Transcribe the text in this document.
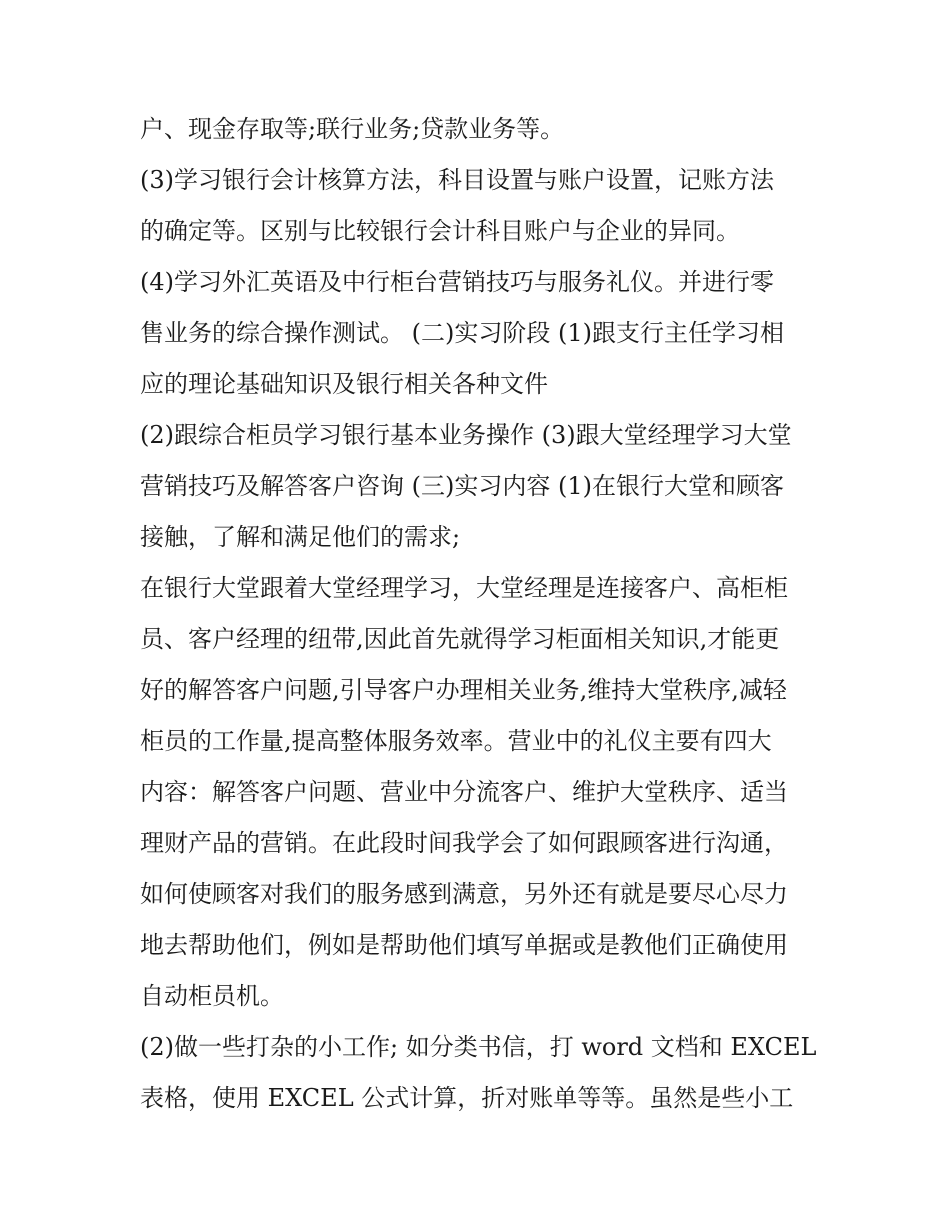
户、现金存取等;联行业务;贷款业务等。
(3)学习银行会计核算方法，科目设置与账户设置，记账方法
的确定等。区别与比较银行会计科目账户与企业的异同。
(4)学习外汇英语及中行柜台营销技巧与服务礼仪。并进行零
售业务的综合操作测试。 (二)实习阶段 (1)跟支行主任学习相
应的理论基础知识及银行相关各种文件
(2)跟综合柜员学习银行基本业务操作 (3)跟大堂经理学习大堂
营销技巧及解答客户咨询 (三)实习内容 (1)在银行大堂和顾客
接触，了解和满足他们的需求;
在银行大堂跟着大堂经理学习，大堂经理是连接客户、高柜柜
员、客户经理的纽带,因此首先就得学习柜面相关知识,才能更
好的解答客户问题,引导客户办理相关业务,维持大堂秩序,减轻
柜员的工作量,提高整体服务效率。营业中的礼仪主要有四大
内容：解答客户问题、营业中分流客户、维护大堂秩序、适当
理财产品的营销。在此段时间我学会了如何跟顾客进行沟通，
如何使顾客对我们的服务感到满意，另外还有就是要尽心尽力
地去帮助他们，例如是帮助他们填写单据或是教他们正确使用
自动柜员机。
(2)做一些打杂的小工作; 如分类书信，打 word 文档和 EXCEL
表格，使用 EXCEL 公式计算，折对账单等等。虽然是些小工
